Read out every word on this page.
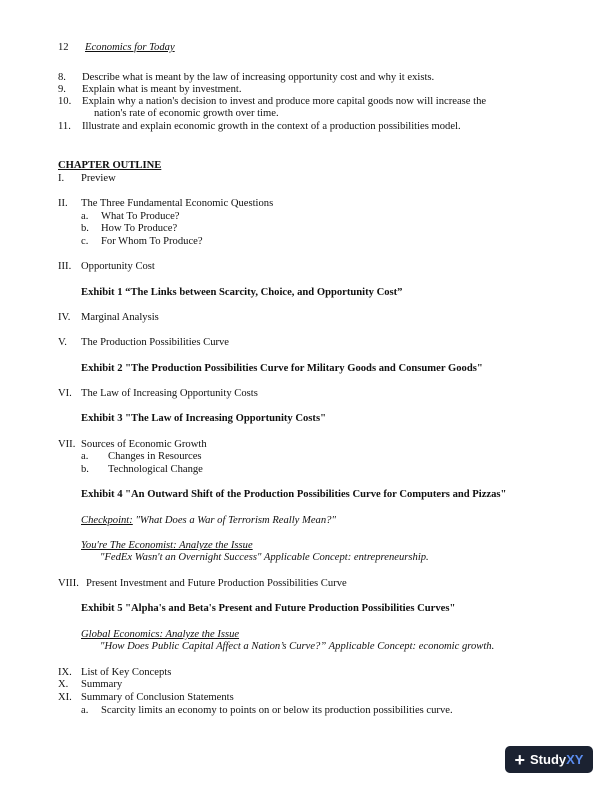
12 Economics for Today
8. Describe what is meant by the law of increasing opportunity cost and why it exists.
9. Explain what is meant by investment.
10. Explain why a nation's decision to invest and produce more capital goods now will increase the
nation's rate of economic growth over time.
11. Illustrate and explain economic growth in the context of a production possibilities model.
CHAPTER OUTLINE
I. Preview
II. The Three Fundamental Economic Questions
a. What To Produce?
b. How To Produce?
c. For Whom To Produce?
III. Opportunity Cost
Exhibit 1 “The Links between Scarcity, Choice, and Opportunity Cost”
IV. Marginal Analysis
V. The Production Possibilities Curve
Exhibit 2 "The Production Possibilities Curve for Military Goods and Consumer Goods"
VI. The Law of Increasing Opportunity Costs
Exhibit 3 "The Law of Increasing Opportunity Costs"
VII. Sources of Economic Growth
a. Changes in Resources
b. Technological Change
Exhibit 4 "An Outward Shift of the Production Possibilities Curve for Computers and Pizzas"
Checkpoint: "What Does a War of Terrorism Really Mean?"
You're The Economist: Analyze the Issue
"FedEx Wasn't an Overnight Success" Applicable Concept: entrepreneurship.
VIII. Present Investment and Future Production Possibilities Curve
Exhibit 5 "Alpha's and Beta's Present and Future Production Possibilities Curves"
Global Economics: Analyze the Issue
"How Does Public Capital Affect a Nation’s Curve?” Applicable Concept: economic growth.
IX. List of Key Concepts
X. Summary
XI. Summary of Conclusion Statements
a. Scarcity limits an economy to points on or below its production possibilities curve.
+ StudyXY
